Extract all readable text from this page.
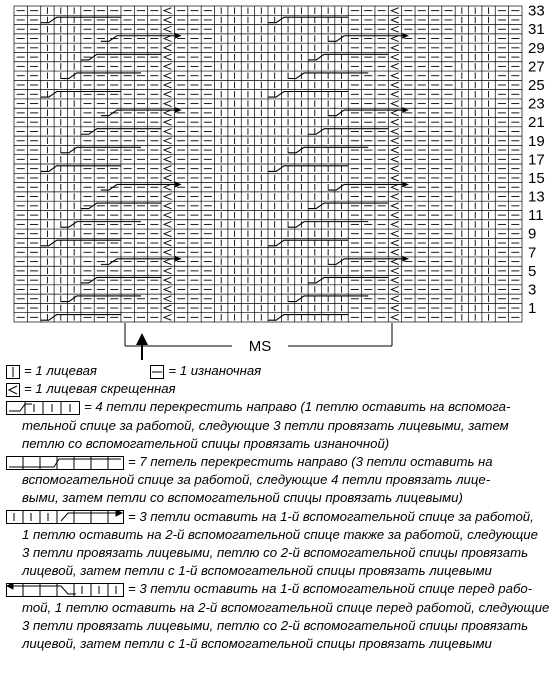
33
31
29
27
25
23
21
19
17
15
13
11
9
7
5
3
1
MS
= 1 лицевая	= 1 изнаночная
= 1 лицевая скрещенная
= 4 петли перекрестить направо (1 петлю оставить на вспомога-
тельной спице за работой, следующие 3 петли провязать лицевыми, затем
петлю со вспомогательной спицы провязать изнаночной)
= 7 петель перекрестить направо (3 петли оставить на
вспомогательной спице за работой, следующие 4 петли провязать лице-
выми, затем петли со вспомогательной спицы провязать лицевыми)
= 3 петли оставить на 1-й вспомогательной спице за работой,
1 петлю оставить на 2-й вспомогательной спице также за работой, следующие
3 петли провязать лицевыми, петлю со 2-й вспомогательной спицы провязать
лицевой, затем петли с 1-й вспомогательной спицы провязать лицевыми
= 3 петли оставить на 1-й вспомогательной спице перед рабо-
той, 1 петлю оставить на 2-й вспомогательной спице перед работой, следующие
3 петли провязать лицевыми, петлю со 2-й вспомогательной спицы провязать
лицевой, затем петли с 1-й вспомогательной спицы провязать лицевыми
